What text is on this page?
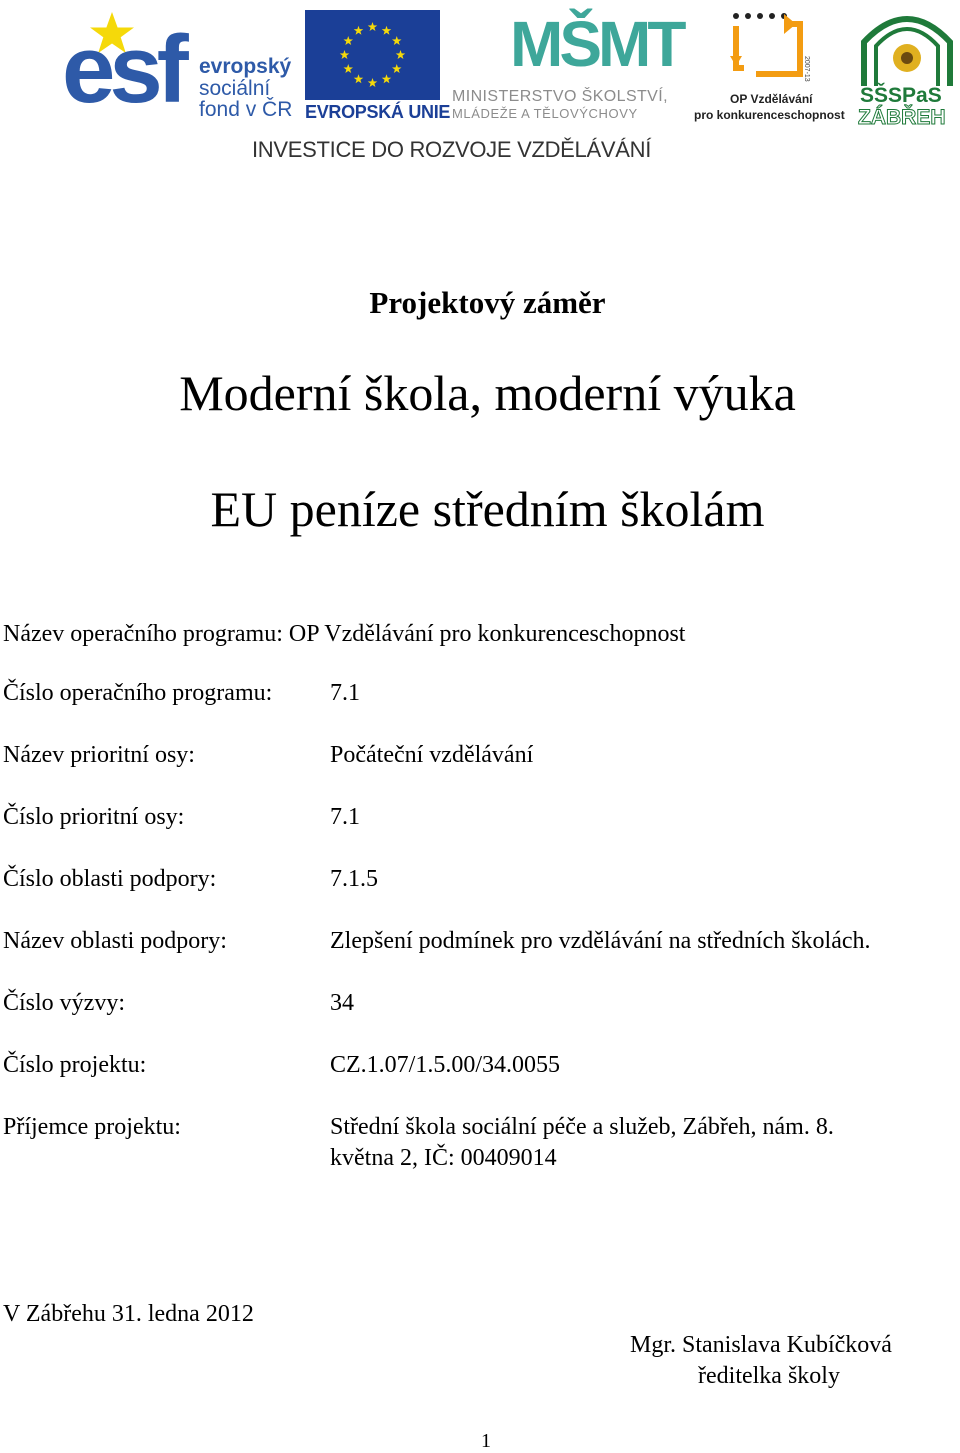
esf evropský
sociální
fond v ČR EVROPSKÁ UNIE
MŠMT
MINISTERSTVO ŠKOLSTVÍ,
MLÁDEŽE A TĚLOVÝCHOVY
2007-13
OP Vzdělávání
pro konkurenceschopnost
SŠSPaS
ZÁBŘEH
INVESTICE DO ROZVOJE VZDĚLÁVÁNÍ
Projektový záměr
Moderní škola, moderní výuka
EU peníze středním školám
Název operačního programu: OP Vzdělávání pro konkurenceschopnost
Číslo operačního programu: 7.1
Název prioritní osy:	Počáteční vzdělávání
Číslo prioritní osy:	7.1
Číslo oblasti podpory:	7.1.5
Název oblasti podpory:	Zlepšení podmínek pro vzdělávání na středních školách.
Číslo výzvy:	34
Číslo projektu:	CZ.1.07/1.5.00/34.0055
Příjemce projektu:	Střední škola sociální péče a služeb, Zábřeh, nám. 8.
května 2, IČ: 00409014
V Zábřehu 31. ledna 2012
Mgr. Stanislava Kubíčková
ředitelka školy
1
